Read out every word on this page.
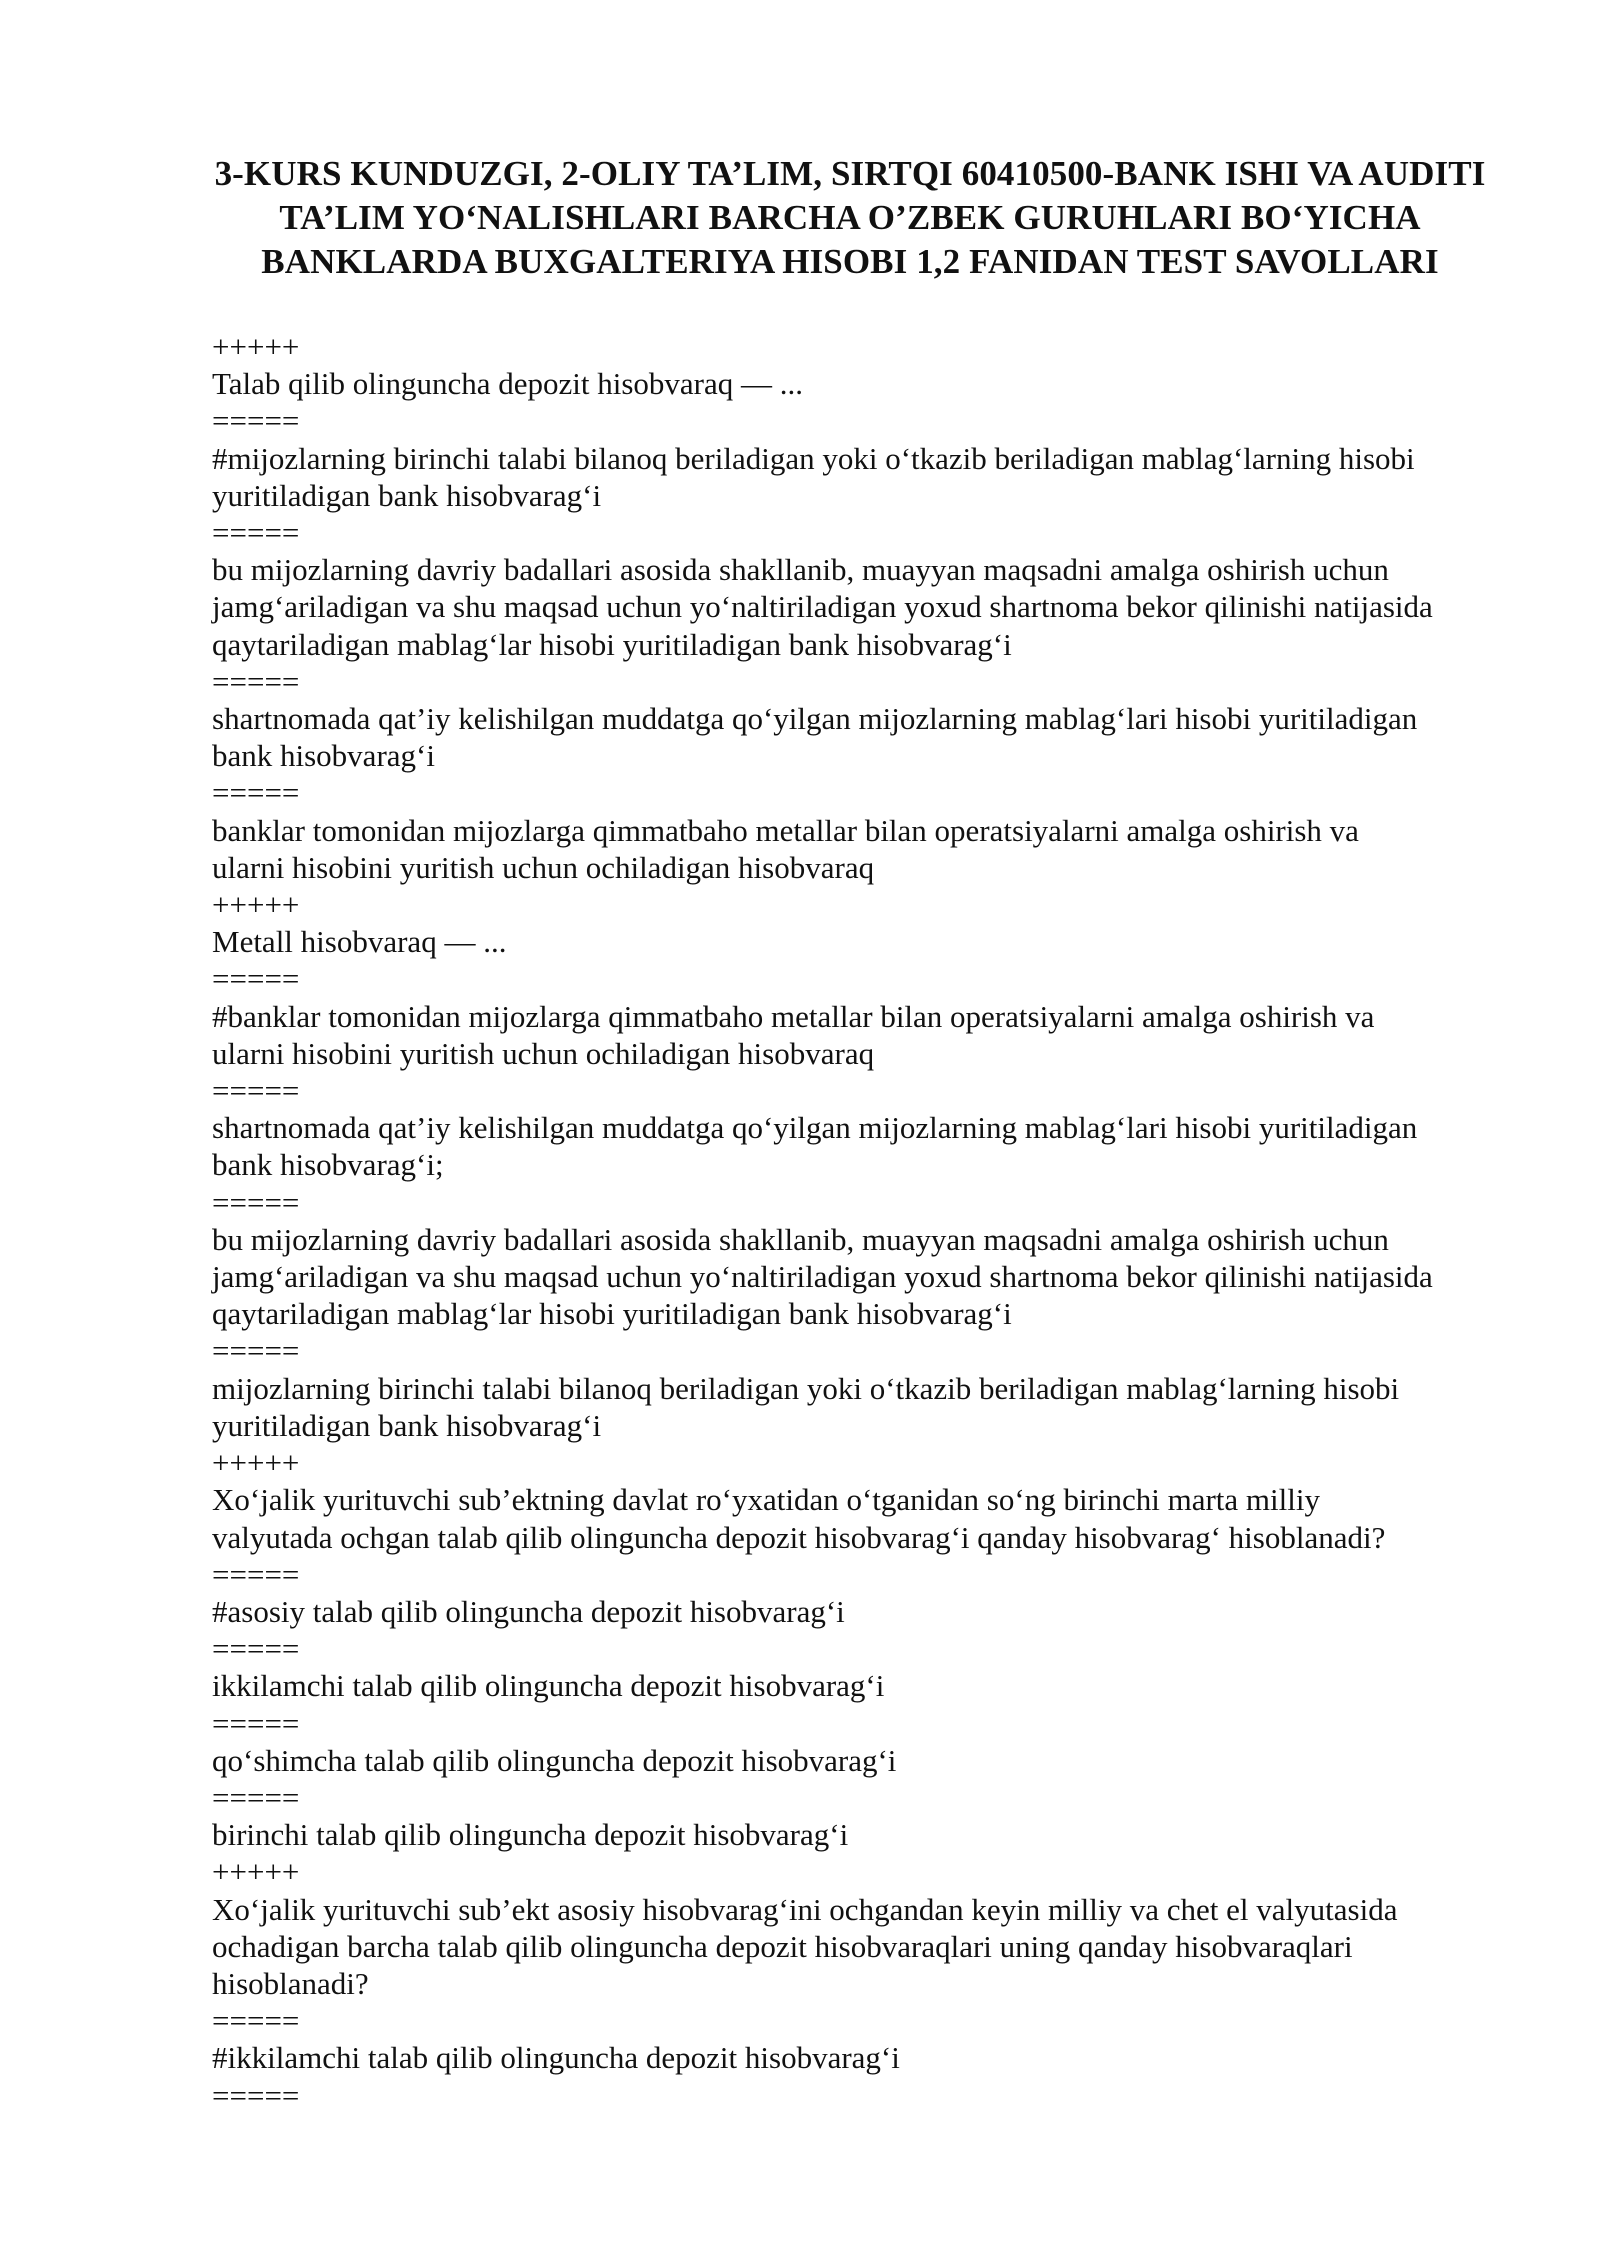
3-KURS KUNDUZGI, 2-OLIY TA’LIM, SIRTQI 60410500-BANK ISHI VA AUDITI TA’LIM YO‘NALISHLARI BARCHA O’ZBEK GURUHLARI BO‘YICHA BANKLARDA BUXGALTERIYA HISOBI 1,2 FANIDAN TEST SAVOLLARI
+++++
Talab qilib olinguncha depozit hisobvaraq — ...
=====
#mijozlarning birinchi talabi bilanoq beriladigan yoki o‘tkazib beriladigan mablag‘larning hisobi
yuritiladigan bank hisobvarag‘i
=====
bu mijozlarning davriy badallari asosida shakllanib, muayyan maqsadni amalga oshirish uchun
jamg‘ariladigan va shu maqsad uchun yo‘naltiriladigan yoxud shartnoma bekor qilinishi natijasida
qaytariladigan mablag‘lar hisobi yuritiladigan bank hisobvarag‘i
=====
shartnomada qat’iy kelishilgan muddatga qo‘yilgan mijozlarning mablag‘lari hisobi yuritiladigan
bank hisobvarag‘i
=====
banklar tomonidan mijozlarga qimmatbaho metallar bilan operatsiyalarni amalga oshirish va
ularni hisobini yuritish uchun ochiladigan hisobvaraq
+++++
Metall hisobvaraq — ...
=====
#banklar tomonidan mijozlarga qimmatbaho metallar bilan operatsiyalarni amalga oshirish va
ularni hisobini yuritish uchun ochiladigan hisobvaraq
=====
shartnomada qat’iy kelishilgan muddatga qo‘yilgan mijozlarning mablag‘lari hisobi yuritiladigan
bank hisobvarag‘i;
=====
bu mijozlarning davriy badallari asosida shakllanib, muayyan maqsadni amalga oshirish uchun
jamg‘ariladigan va shu maqsad uchun yo‘naltiriladigan yoxud shartnoma bekor qilinishi natijasida
qaytariladigan mablag‘lar hisobi yuritiladigan bank hisobvarag‘i
=====
mijozlarning birinchi talabi bilanoq beriladigan yoki o‘tkazib beriladigan mablag‘larning hisobi
yuritiladigan bank hisobvarag‘i
+++++
Xo‘jalik yurituvchi sub’ektning davlat ro‘yxatidan o‘tganidan so‘ng birinchi marta milliy
valyutada ochgan talab qilib olinguncha depozit hisobvarag‘i qanday hisobvarag‘ hisoblanadi?
=====
#asosiy talab qilib olinguncha depozit hisobvarag‘i
=====
ikkilamchi talab qilib olinguncha depozit hisobvarag‘i
=====
qo‘shimcha talab qilib olinguncha depozit hisobvarag‘i
=====
birinchi talab qilib olinguncha depozit hisobvarag‘i
+++++
Xo‘jalik yurituvchi sub’ekt asosiy hisobvarag‘ini ochgandan keyin milliy va chet el valyutasida
ochadigan barcha talab qilib olinguncha depozit hisobvaraqlari uning qanday hisobvaraqlari
hisoblanadi?
=====
#ikkilamchi talab qilib olinguncha depozit hisobvarag‘i
=====
